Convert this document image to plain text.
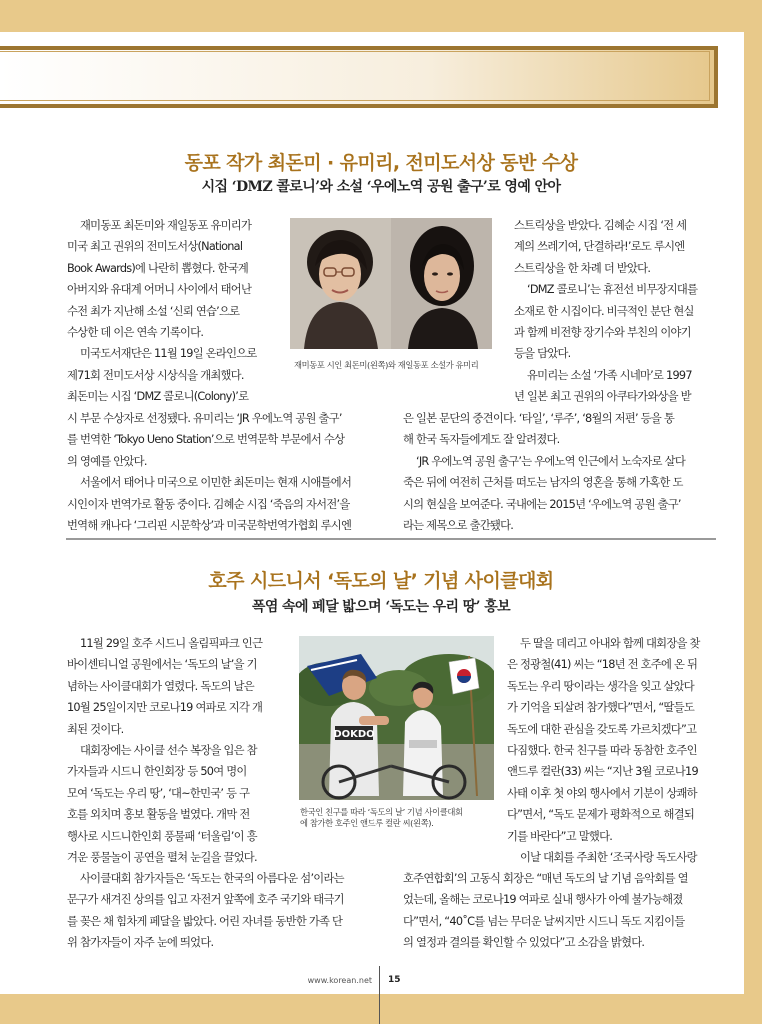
동포 작가 최돈미 · 유미리, 전미도서상 동반 수상
시집 ‘DMZ 콜로니’와 소설 ‘우에노역 공원 출구’로 영예 안아
재미동포 최돈미와 재일동포 유미리가
미국 최고 권위의 전미도서상(National
Book Awards)에 나란히 뽑혔다. 한국계
아버지와 유대계 어머니 사이에서 태어난
수전 최가 지난해 소설 ‘신뢰 연습’으로
수상한 데 이은 연속 기록이다.
미국도서재단은 11월 19일 온라인으로
제71회 전미도서상 시상식을 개최했다.
최돈미는 시집 ‘DMZ 콜로니(Colony)’로
시 부문 수상자로 선정됐다. 유미리는 ‘JR 우에노역 공원 출구’
를 번역한 ‘Tokyo Ueno Station’으로 번역문학 부문에서 수상
의 영예를 안았다.
서울에서 태어나 미국으로 이민한 최돈미는 현재 시애틀에서
시인이자 번역가로 활동 중이다. 김혜순 시집 ‘죽음의 자서전’을
번역해 캐나다 ‘그리핀 시문학상’과 미국문학번역가협회 루시엔

재미동포 시인 최돈미(왼쪽)와 재일동포 소설가 유미리

스트릭상을 받았다. 김혜순 시집 ‘전 세
계의 쓰레기여, 단결하라!’로도 루시엔
스트릭상을 한 차례 더 받았다.
‘DMZ 콜로니’는 휴전선 비무장지대를
소재로 한 시집이다. 비극적인 분단 현실
과 함께 비전향 장기수와 부친의 이야기
등을 담았다.
유미리는 소설 ‘가족 시네마’로 1997
년 일본 최고 권위의 아쿠타가와상을 받
은 일본 문단의 중견이다. ‘타일’, ‘루주’, ‘8월의 저편’ 등을 통
해 한국 독자들에게도 잘 알려졌다.
‘JR 우에노역 공원 출구’는 우에노역 인근에서 노숙자로 살다
죽은 뒤에 여전히 근처를 떠도는 남자의 영혼을 통해 가혹한 도
시의 현실을 보여준다. 국내에는 2015년 ‘우에노역 공원 출구’
라는 제목으로 출간됐다.
호주 시드니서 ‘독도의 날’ 기념 사이클대회
폭염 속에 페달 밟으며 ‘독도는 우리 땅’ 홍보
11월 29일 호주 시드니 올림픽파크 인근
바이센티니얼 공원에서는 ‘독도의 날’을 기
념하는 사이클대회가 열렸다. 독도의 날은
10월 25일이지만 코로나19 여파로 지각 개
최된 것이다.
대회장에는 사이클 선수 복장을 입은 참
가자들과 시드니 한인회장 등 50여 명이
모여 ‘독도는 우리 땅’, ‘대~한민국’ 등 구
호를 외치며 홍보 활동을 벌였다. 개막 전
행사로 시드니한인회 풍물패 ‘터울림’이 흥
겨운 풍물놀이 공연을 펼쳐 눈길을 끌었다.
사이클대회 참가자들은 ‘독도는 한국의 아름다운 섬’이라는
문구가 새겨진 상의를 입고 자전거 앞쪽에 호주 국기와 태극기
를 꽂은 채 힘차게 페달을 밟았다. 어린 자녀를 동반한 가족 단
위 참가자들이 자주 눈에 띄었다.
DOKDO

한국인 친구를 따라 ‘독도의 날’ 기념 사이클대회
에 참가한 호주인 앤드루 컬란 씨(왼쪽).

두 딸을 데리고 아내와 함께 대회장을 찾
은 정광철(41) 씨는 “18년 전 호주에 온 뒤
독도는 우리 땅이라는 생각을 잊고 살았다
가 기억을 되살려 참가했다”면서, “딸들도
독도에 대한 관심을 갖도록 가르치겠다”고
다짐했다. 한국 친구를 따라 동참한 호주인
앤드루 컬란(33) 씨는 “지난 3월 코로나19
사태 이후 첫 야외 행사에서 기분이 상쾌하
다”면서, “독도 문제가 평화적으로 해결되
기를 바란다”고 말했다.
이날 대회를 주최한 ‘조국사랑 독도사랑
호주연합회’의 고동식 회장은 “매년 독도의 날 기념 음악회를 열
었는데, 올해는 코로나19 여파로 실내 행사가 아예 불가능해졌
다”면서, “40˚C를 넘는 무더운 날씨지만 시드니 독도 지킴이들
의 열정과 결의를 확인할 수 있었다”고 소감을 밝혔다.
www.korean.net 15
